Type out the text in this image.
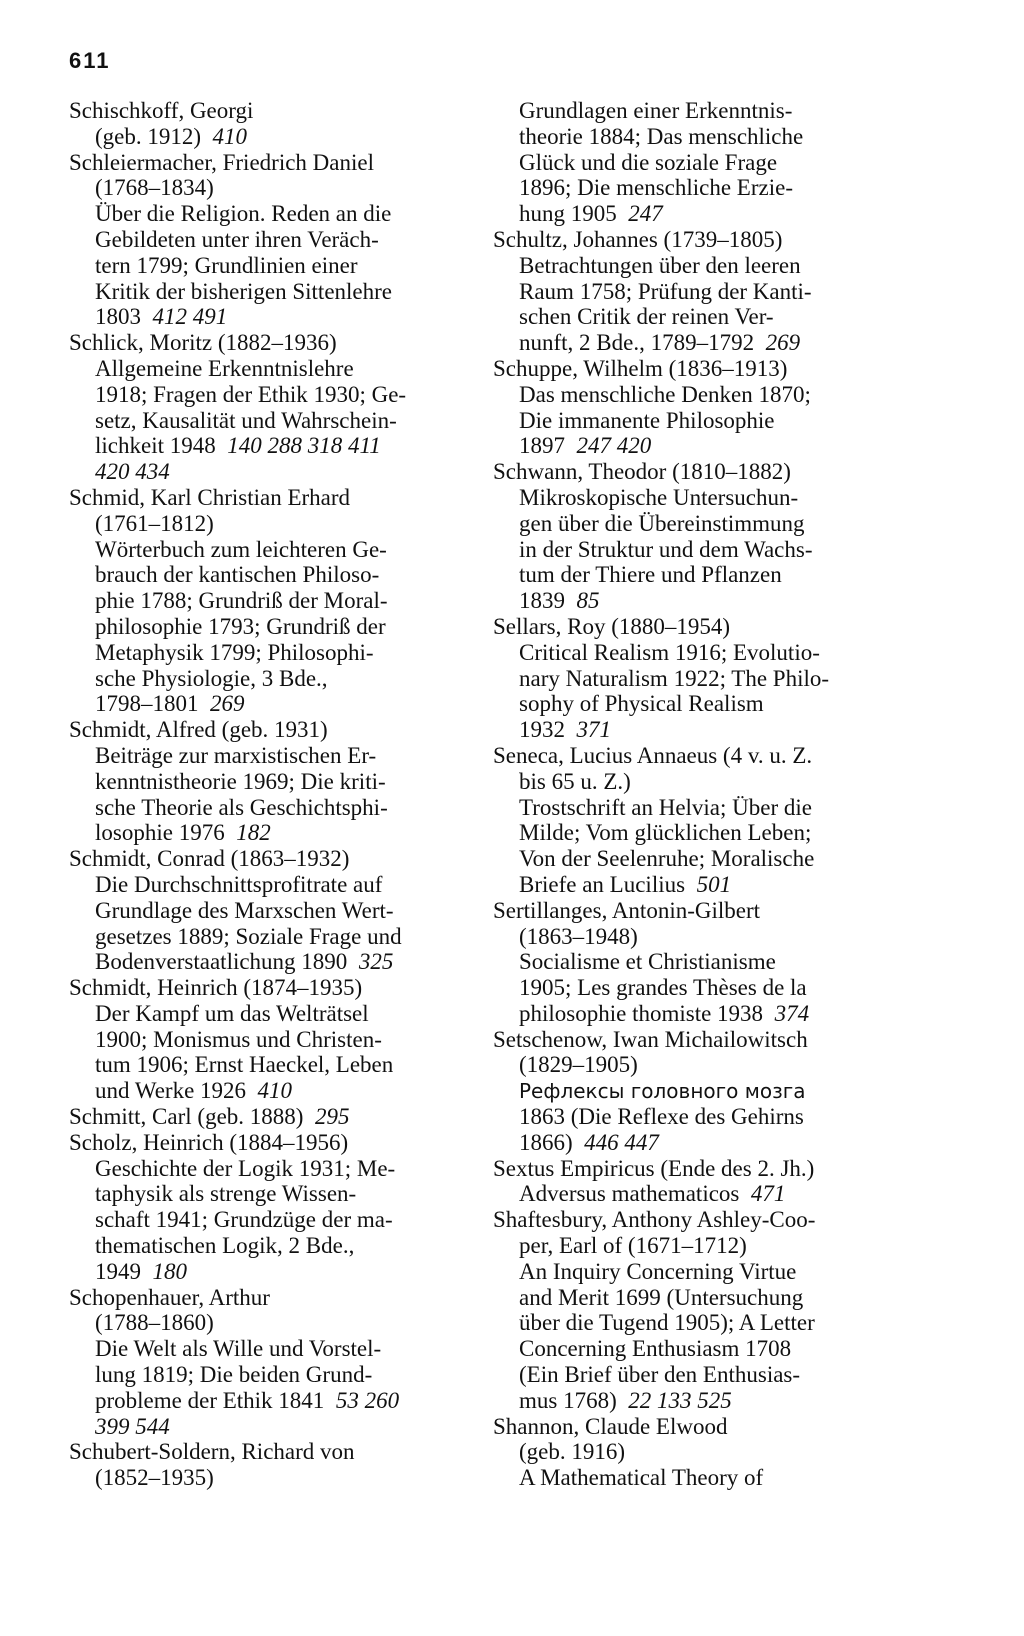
611
Schischkoff, Georgi
(geb. 1912)  410
Schleiermacher, Friedrich Daniel
(1768–1834)
Über die Religion. Reden an die
Gebildeten unter ihren Veräch-
tern 1799; Grundlinien einer
Kritik der bisherigen Sittenlehre
1803  412 491
Schlick, Moritz (1882–1936)
Allgemeine Erkenntnislehre
1918; Fragen der Ethik 1930; Ge-
setz, Kausalität und Wahrschein-
lichkeit 1948  140 288 318 411
420 434
Schmid, Karl Christian Erhard
(1761–1812)
Wörterbuch zum leichteren Ge-
brauch der kantischen Philoso-
phie 1788; Grundriß der Moral-
philosophie 1793; Grundriß der
Metaphysik 1799; Philosophi-
sche Physiologie, 3 Bde.,
1798–1801  269
Schmidt, Alfred (geb. 1931)
Beiträge zur marxistischen Er-
kenntnistheorie 1969; Die kriti-
sche Theorie als Geschichtsphi-
losophie 1976  182
Schmidt, Conrad (1863–1932)
Die Durchschnittsprofitrate auf
Grundlage des Marxschen Wert-
gesetzes 1889; Soziale Frage und
Bodenverstaatlichung 1890  325
Schmidt, Heinrich (1874–1935)
Der Kampf um das Welträtsel
1900; Monismus und Christen-
tum 1906; Ernst Haeckel, Leben
und Werke 1926  410
Schmitt, Carl (geb. 1888)  295
Scholz, Heinrich (1884–1956)
Geschichte der Logik 1931; Me-
taphysik als strenge Wissen-
schaft 1941; Grundzüge der ma-
thematischen Logik, 2 Bde.,
1949  180
Schopenhauer, Arthur
(1788–1860)
Die Welt als Wille und Vorstel-
lung 1819; Die beiden Grund-
probleme der Ethik 1841  53 260
399 544
Schubert-Soldern, Richard von
(1852–1935)
Grundlagen einer Erkenntnis-
theorie 1884; Das menschliche
Glück und die soziale Frage
1896; Die menschliche Erzie-
hung 1905  247
Schultz, Johannes (1739–1805)
Betrachtungen über den leeren
Raum 1758; Prüfung der Kanti-
schen Critik der reinen Ver-
nunft, 2 Bde., 1789–1792  269
Schuppe, Wilhelm (1836–1913)
Das menschliche Denken 1870;
Die immanente Philosophie
1897  247 420
Schwann, Theodor (1810–1882)
Mikroskopische Untersuchun-
gen über die Übereinstimmung
in der Struktur und dem Wachs-
tum der Thiere und Pflanzen
1839  85
Sellars, Roy (1880–1954)
Critical Realism 1916; Evolutio-
nary Naturalism 1922; The Philo-
sophy of Physical Realism
1932  371
Seneca, Lucius Annaeus (4 v. u. Z.
bis 65 u. Z.)
Trostschrift an Helvia; Über die
Milde; Vom glücklichen Leben;
Von der Seelenruhe; Moralische
Briefe an Lucilius  501
Sertillanges, Antonin-Gilbert
(1863–1948)
Socialisme et Christianisme
1905; Les grandes Thèses de la
philosophie thomiste 1938  374
Setschenow, Iwan Michailowitsch
(1829–1905)
Рефлексы головного мозга
1863 (Die Reflexe des Gehirns
1866)  446 447
Sextus Empiricus (Ende des 2. Jh.)
Adversus mathematicos  471
Shaftesbury, Anthony Ashley-Coo-
per, Earl of (1671–1712)
An Inquiry Concerning Virtue
and Merit 1699 (Untersuchung
über die Tugend 1905); A Letter
Concerning Enthusiasm 1708
(Ein Brief über den Enthusias-
mus 1768)  22 133 525
Shannon, Claude Elwood
(geb. 1916)
A Mathematical Theory of
